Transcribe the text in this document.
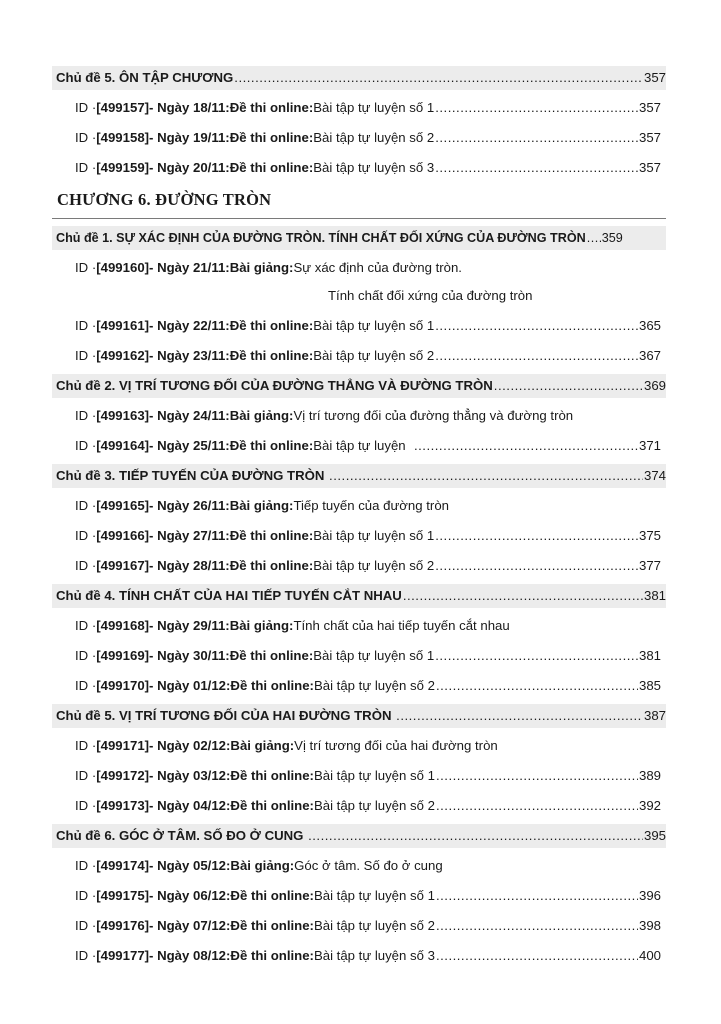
Chủ đề 5. ÔN TẬP CHƯƠNG .....	357
ID · [499157] - Ngày 18/11: Đề thi online: Bài tập tự luyện số 1 .....	357
ID · [499158] - Ngày 19/11: Đề thi online: Bài tập tự luyện số 2 .....	357
ID · [499159] - Ngày 20/11: Đề thi online: Bài tập tự luyện số 3 .....	357
CHƯƠNG 6. ĐƯỜNG TRÒN
Chủ đề 1. SỰ XÁC ĐỊNH CỦA ĐƯỜNG TRÒN. TÍNH CHẤT ĐỐI XỨNG CỦA ĐƯỜNG TRÒN ..... 359
ID · [499160] - Ngày 21/11: Bài giảng: Sự xác định của đường tròn.
Tính chất đối xứng của đường tròn
ID · [499161] - Ngày 22/11: Đề thi online: Bài tập tự luyện số 1 .....	365
ID · [499162] - Ngày 23/11: Đề thi online: Bài tập tự luyện số 2 .....	367
Chủ đề 2. VỊ TRÍ TƯƠNG ĐỐI CỦA ĐƯỜNG THẲNG VÀ ĐƯỜNG TRÒN .....	369
ID · [499163] - Ngày 24/11: Bài giảng: Vị trí tương đối của đường thẳng và đường tròn
ID · [499164] - Ngày 25/11: Đề thi online: Bài tập tự luyện .....	371
Chủ đề 3. TIẾP TUYẾN CỦA ĐƯỜNG TRÒN .....	374
ID · [499165] - Ngày 26/11: Bài giảng: Tiếp tuyến của đường tròn
ID · [499166] - Ngày 27/11: Đề thi online: Bài tập tự luyện số 1 .....	375
ID · [499167] - Ngày 28/11: Đề thi online: Bài tập tự luyện số 2 .....	377
Chủ đề 4. TÍNH CHẤT CỦA HAI TIẾP TUYẾN CẮT NHAU .....	381
ID · [499168] - Ngày 29/11: Bài giảng: Tính chất của hai tiếp tuyến cắt nhau
ID · [499169] - Ngày 30/11: Đề thi online: Bài tập tự luyện số 1 .....	381
ID · [499170] - Ngày 01/12: Đề thi online: Bài tập tự luyện số 2 .....	385
Chủ đề 5. VỊ TRÍ TƯƠNG ĐỐI CỦA HAI ĐƯỜNG TRÒN .....	387
ID · [499171] - Ngày 02/12: Bài giảng: Vị trí tương đối của hai đường tròn
ID · [499172] - Ngày 03/12: Đề thi online: Bài tập tự luyện số 1 .....	389
ID · [499173] - Ngày 04/12: Đề thi online: Bài tập tự luyện số 2 .....	392
Chủ đề 6. GÓC Ở TÂM. SỐ ĐO Ở CUNG .....	395
ID · [499174] - Ngày 05/12: Bài giảng: Góc ở tâm. Số đo ở cung
ID · [499175] - Ngày 06/12: Đề thi online: Bài tập tự luyện số 1 .....	396
ID · [499176] - Ngày 07/12: Đề thi online: Bài tập tự luyện số 2 .....	398
ID · [499177] - Ngày 08/12: Đề thi online: Bài tập tự luyện số 3 .....	400
